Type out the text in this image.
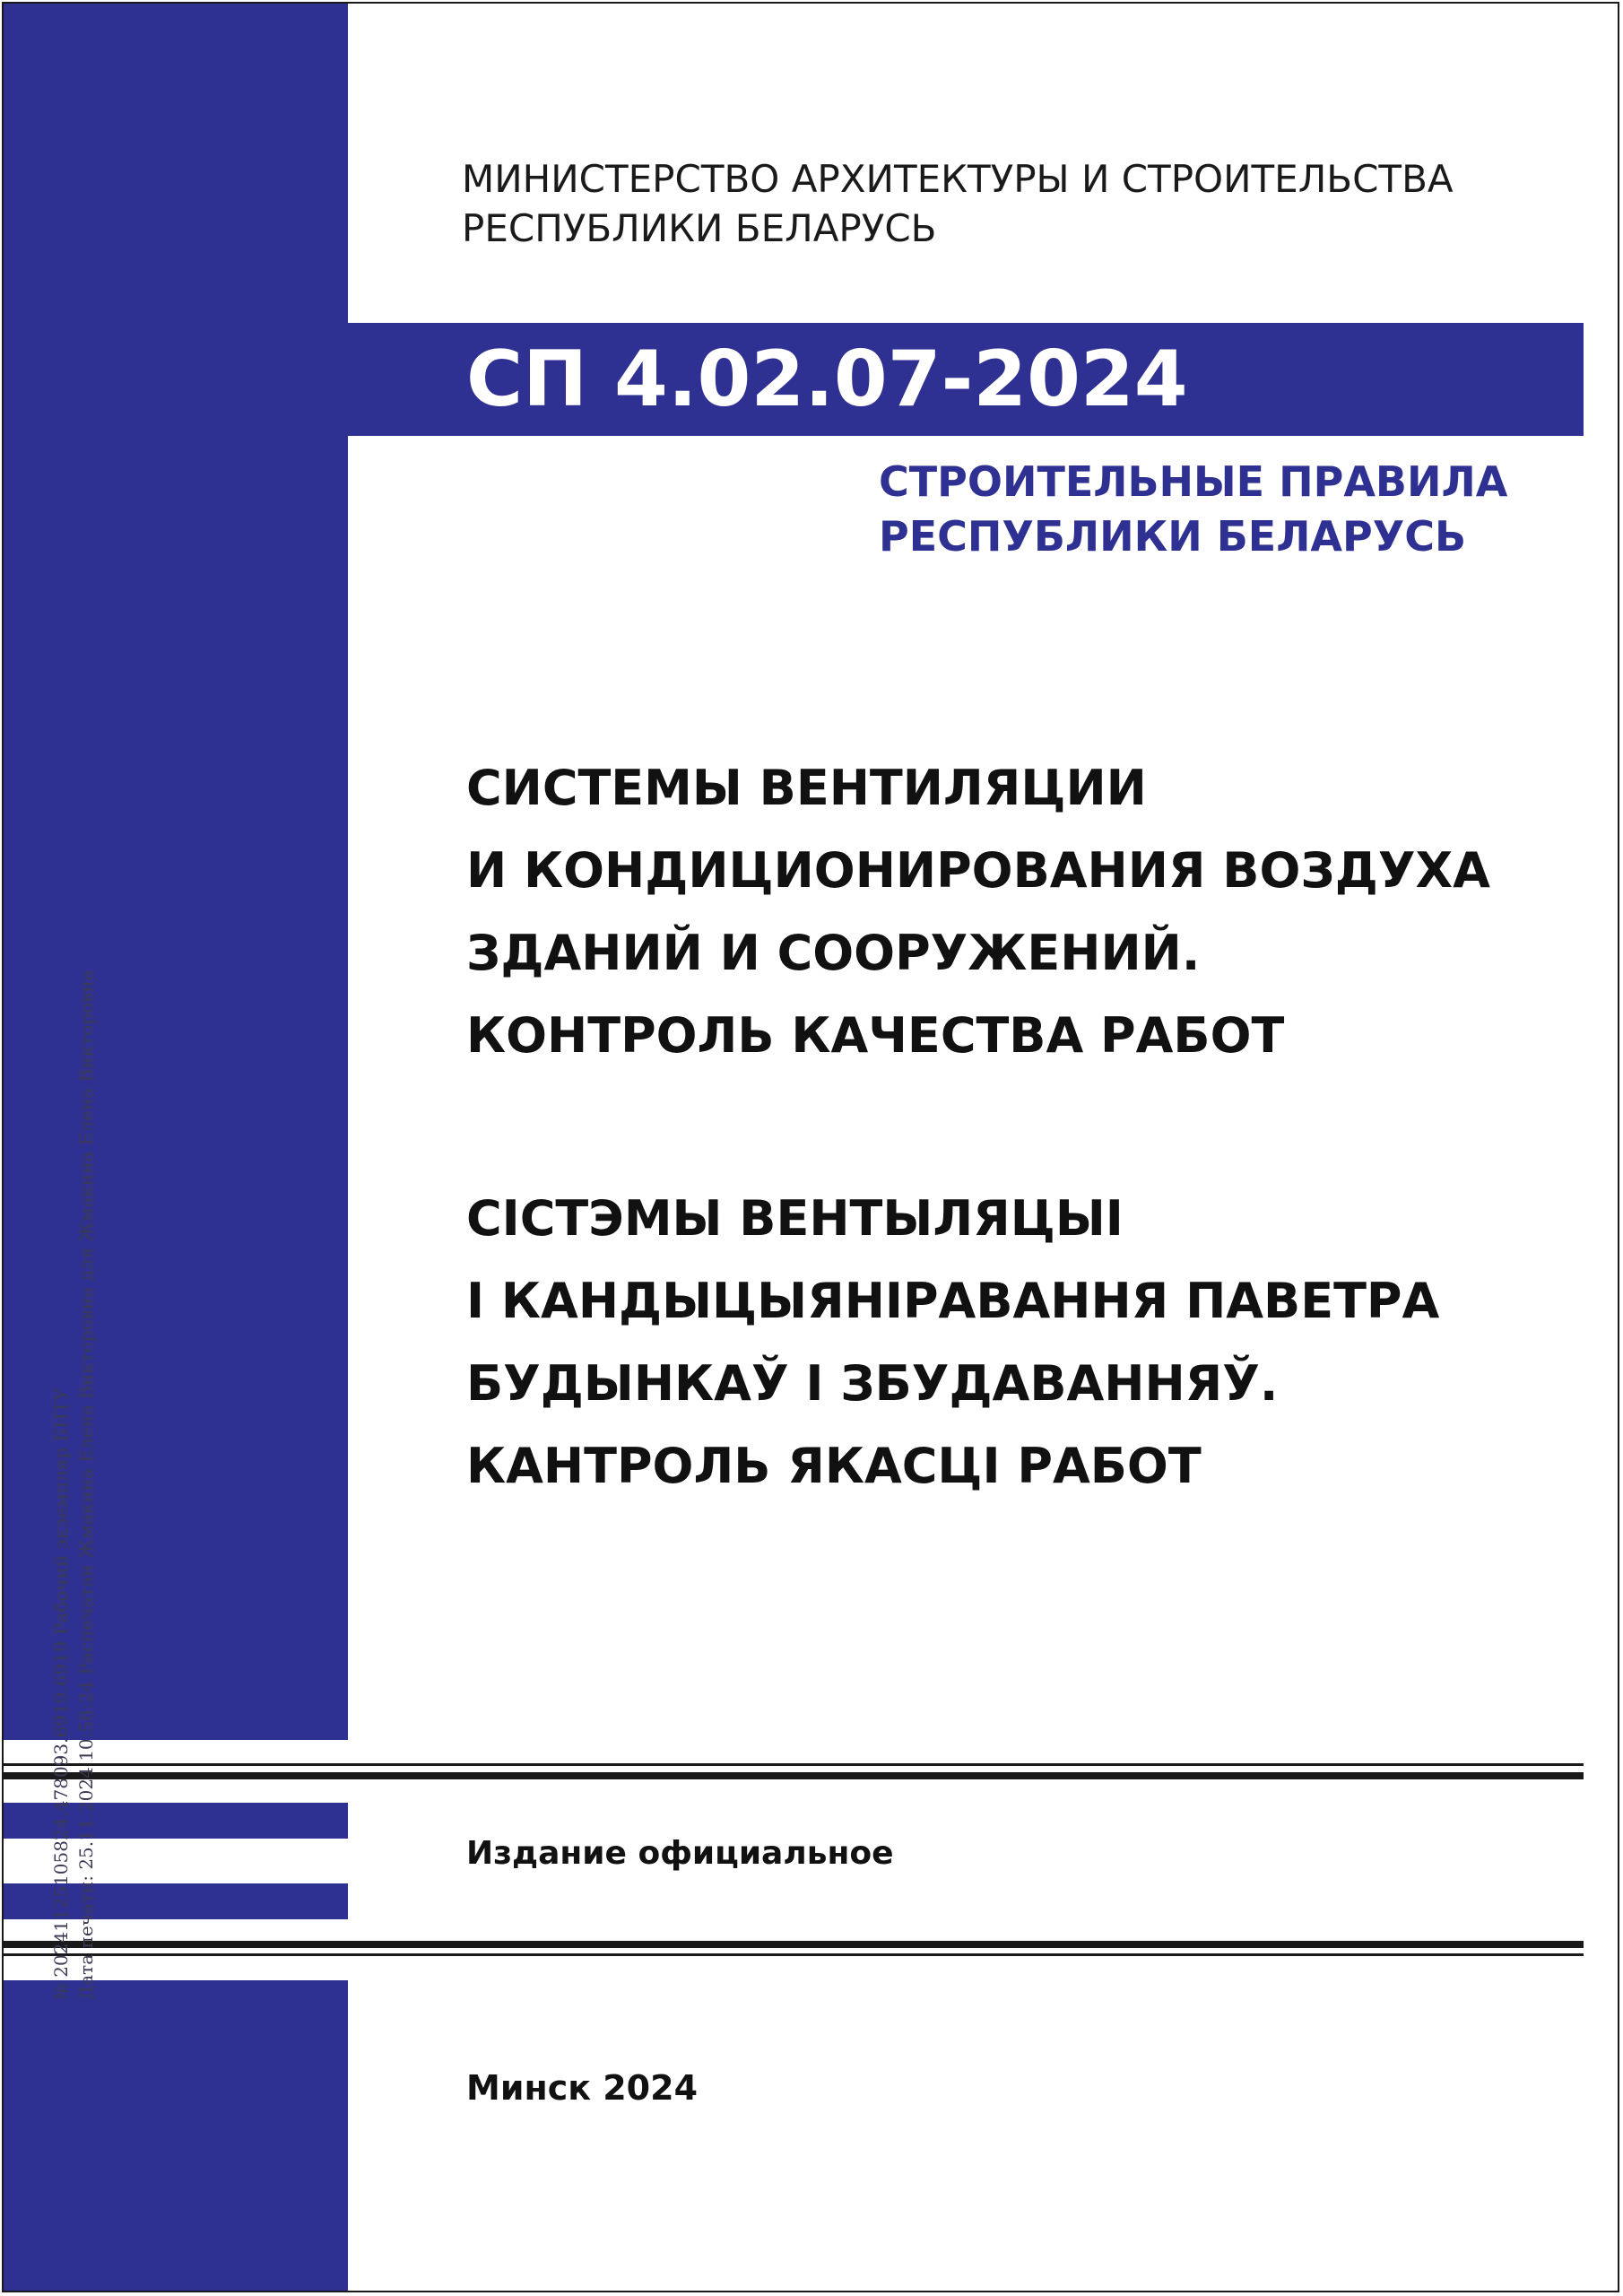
МИНИСТЕРСТВО АРХИТЕКТУРЫ И СТРОИТЕЛЬСТВА
РЕСПУБЛИКИ БЕЛАРУСЬ
СП 4.02.07-2024
СТРОИТЕЛЬНЫЕ ПРАВИЛА
РЕСПУБЛИКИ БЕЛАРУСЬ
СИСТЕМЫ ВЕНТИЛЯЦИИ
И КОНДИЦИОНИРОВАНИЯ ВОЗДУХА
ЗДАНИЙ И СООРУЖЕНИЙ.
КОНТРОЛЬ КАЧЕСТВА РАБОТ
СІСТЭМЫ ВЕНТЫЛЯЦЫІ
І КАНДЫЦЫЯНІРАВАННЯ ПАВЕТРА
БУДЫНКАЎ І ЗБУДАВАННЯЎ.
КАНТРОЛЬ ЯКАСЦІ РАБОТ
Издание официальное
Минск 2024
№ 20241125105824.478093.6919.6919 Рабочий экземпляр БНТУ Дата печати: 25.11.2024 10:58:24 Распечатан Жмакина Елена Викторовна для Жмакина Елена Викторовна
